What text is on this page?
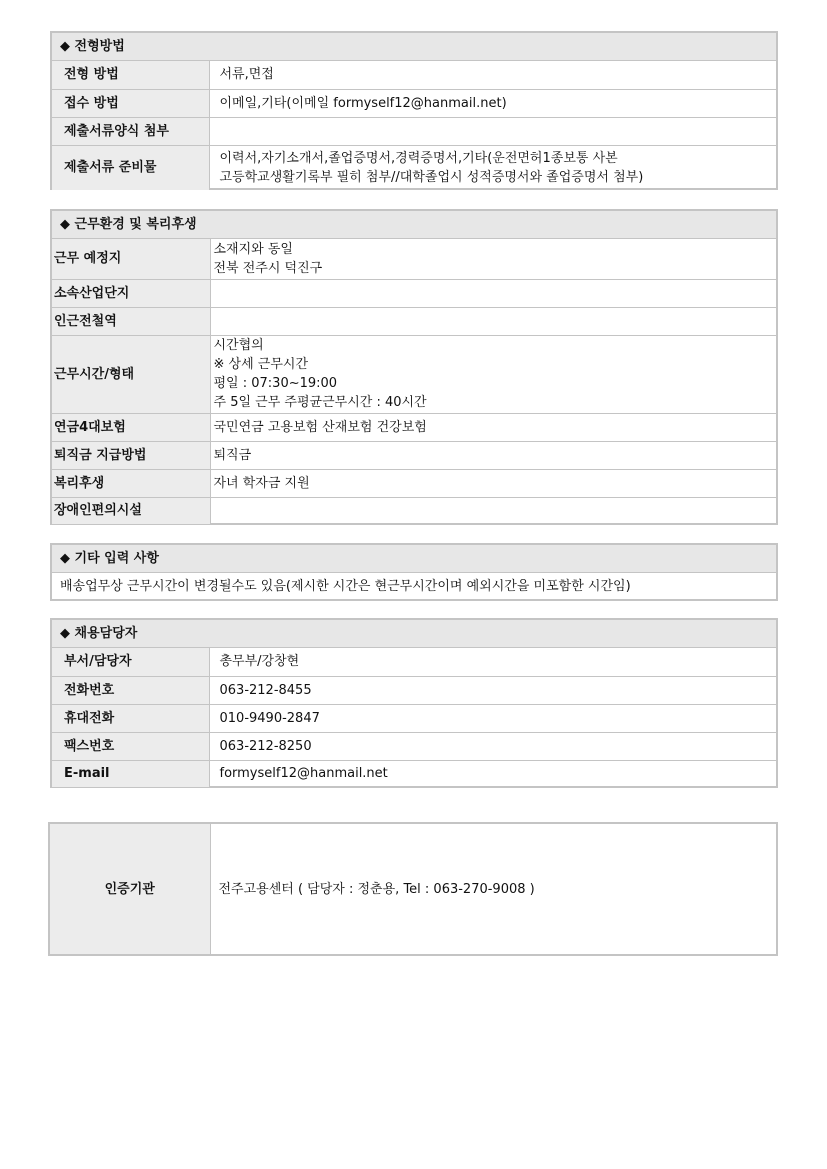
◆ 전형방법
전형 방법	서류,면접
접수 방법	이메일,기타(이메일 formyself12@hanmail.net)
제출서류양식 첨부	
제출서류 준비물	이력서,자기소개서,졸업증명서,경력증명서,기타(운전면허1종보통 사본
고등학교생활기록부 필히 첨부//대학졸업시 성적증명서와 졸업증명서 첨부)
◆ 근무환경 및 복리후생
근무 예정지	소재지와 동일
전북 전주시 덕진구

소속산업단지	
인근전철역	
근무시간/형태	시간협의
※ 상세 근무시간
평일 : 07:30~19:00
주 5일 근무 주평균근무시간 : 40시간

연금4대보험	국민연금 고용보험 산재보험 건강보험
퇴직금 지급방법	퇴직금
복리후생	자녀 학자금 지원
장애인편의시설	
◆ 기타 입력 사항
배송업무상 근무시간이 변경될수도 있음(제시한 시간은 현근무시간이며 예외시간을 미포함한 시간임)
◆ 채용담당자
부서/담당자	총무부/강창현
전화번호	063-212-8455
휴대전화	010-9490-2847
팩스번호	063-212-8250
E-mail	formyself12@hanmail.net
인증기관	전주고용센터 ( 담당자 : 정춘용, Tel : 063-270-9008 )
